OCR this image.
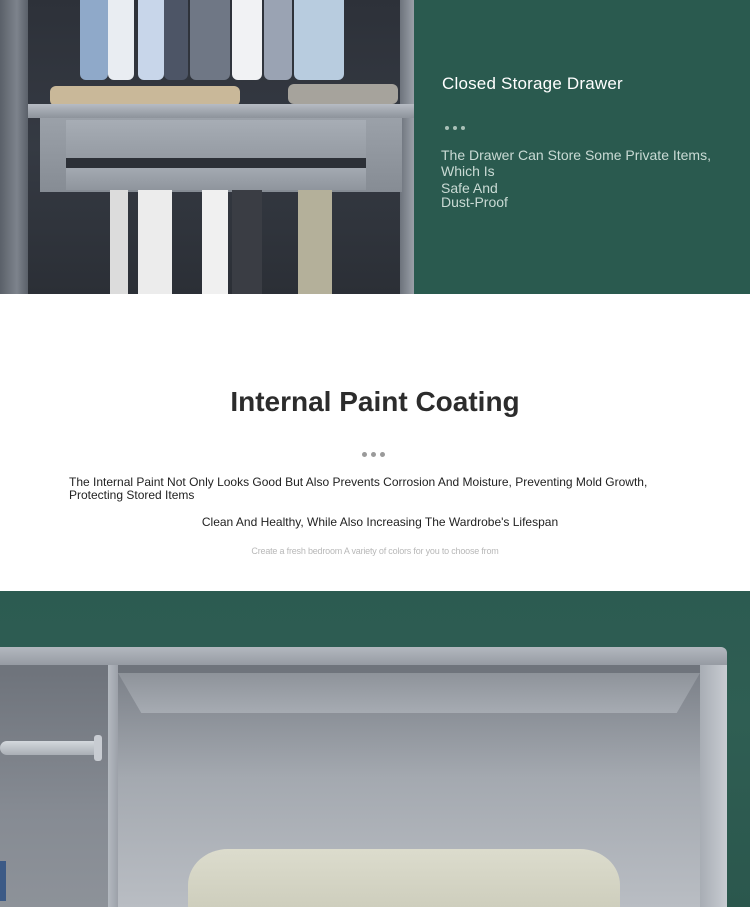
Closed Storage Drawer
The Drawer Can Store Some Private Items, Which Is
Safe And
Dust-Proof
Internal Paint Coating

The Internal Paint Not Only Looks Good But Also Prevents Corrosion And Moisture, Preventing Mold Growth, Protecting Stored Items

Clean And Healthy, While Also Increasing The Wardrobe's Lifespan

Create a fresh bedroom A variety of colors for you to choose from
